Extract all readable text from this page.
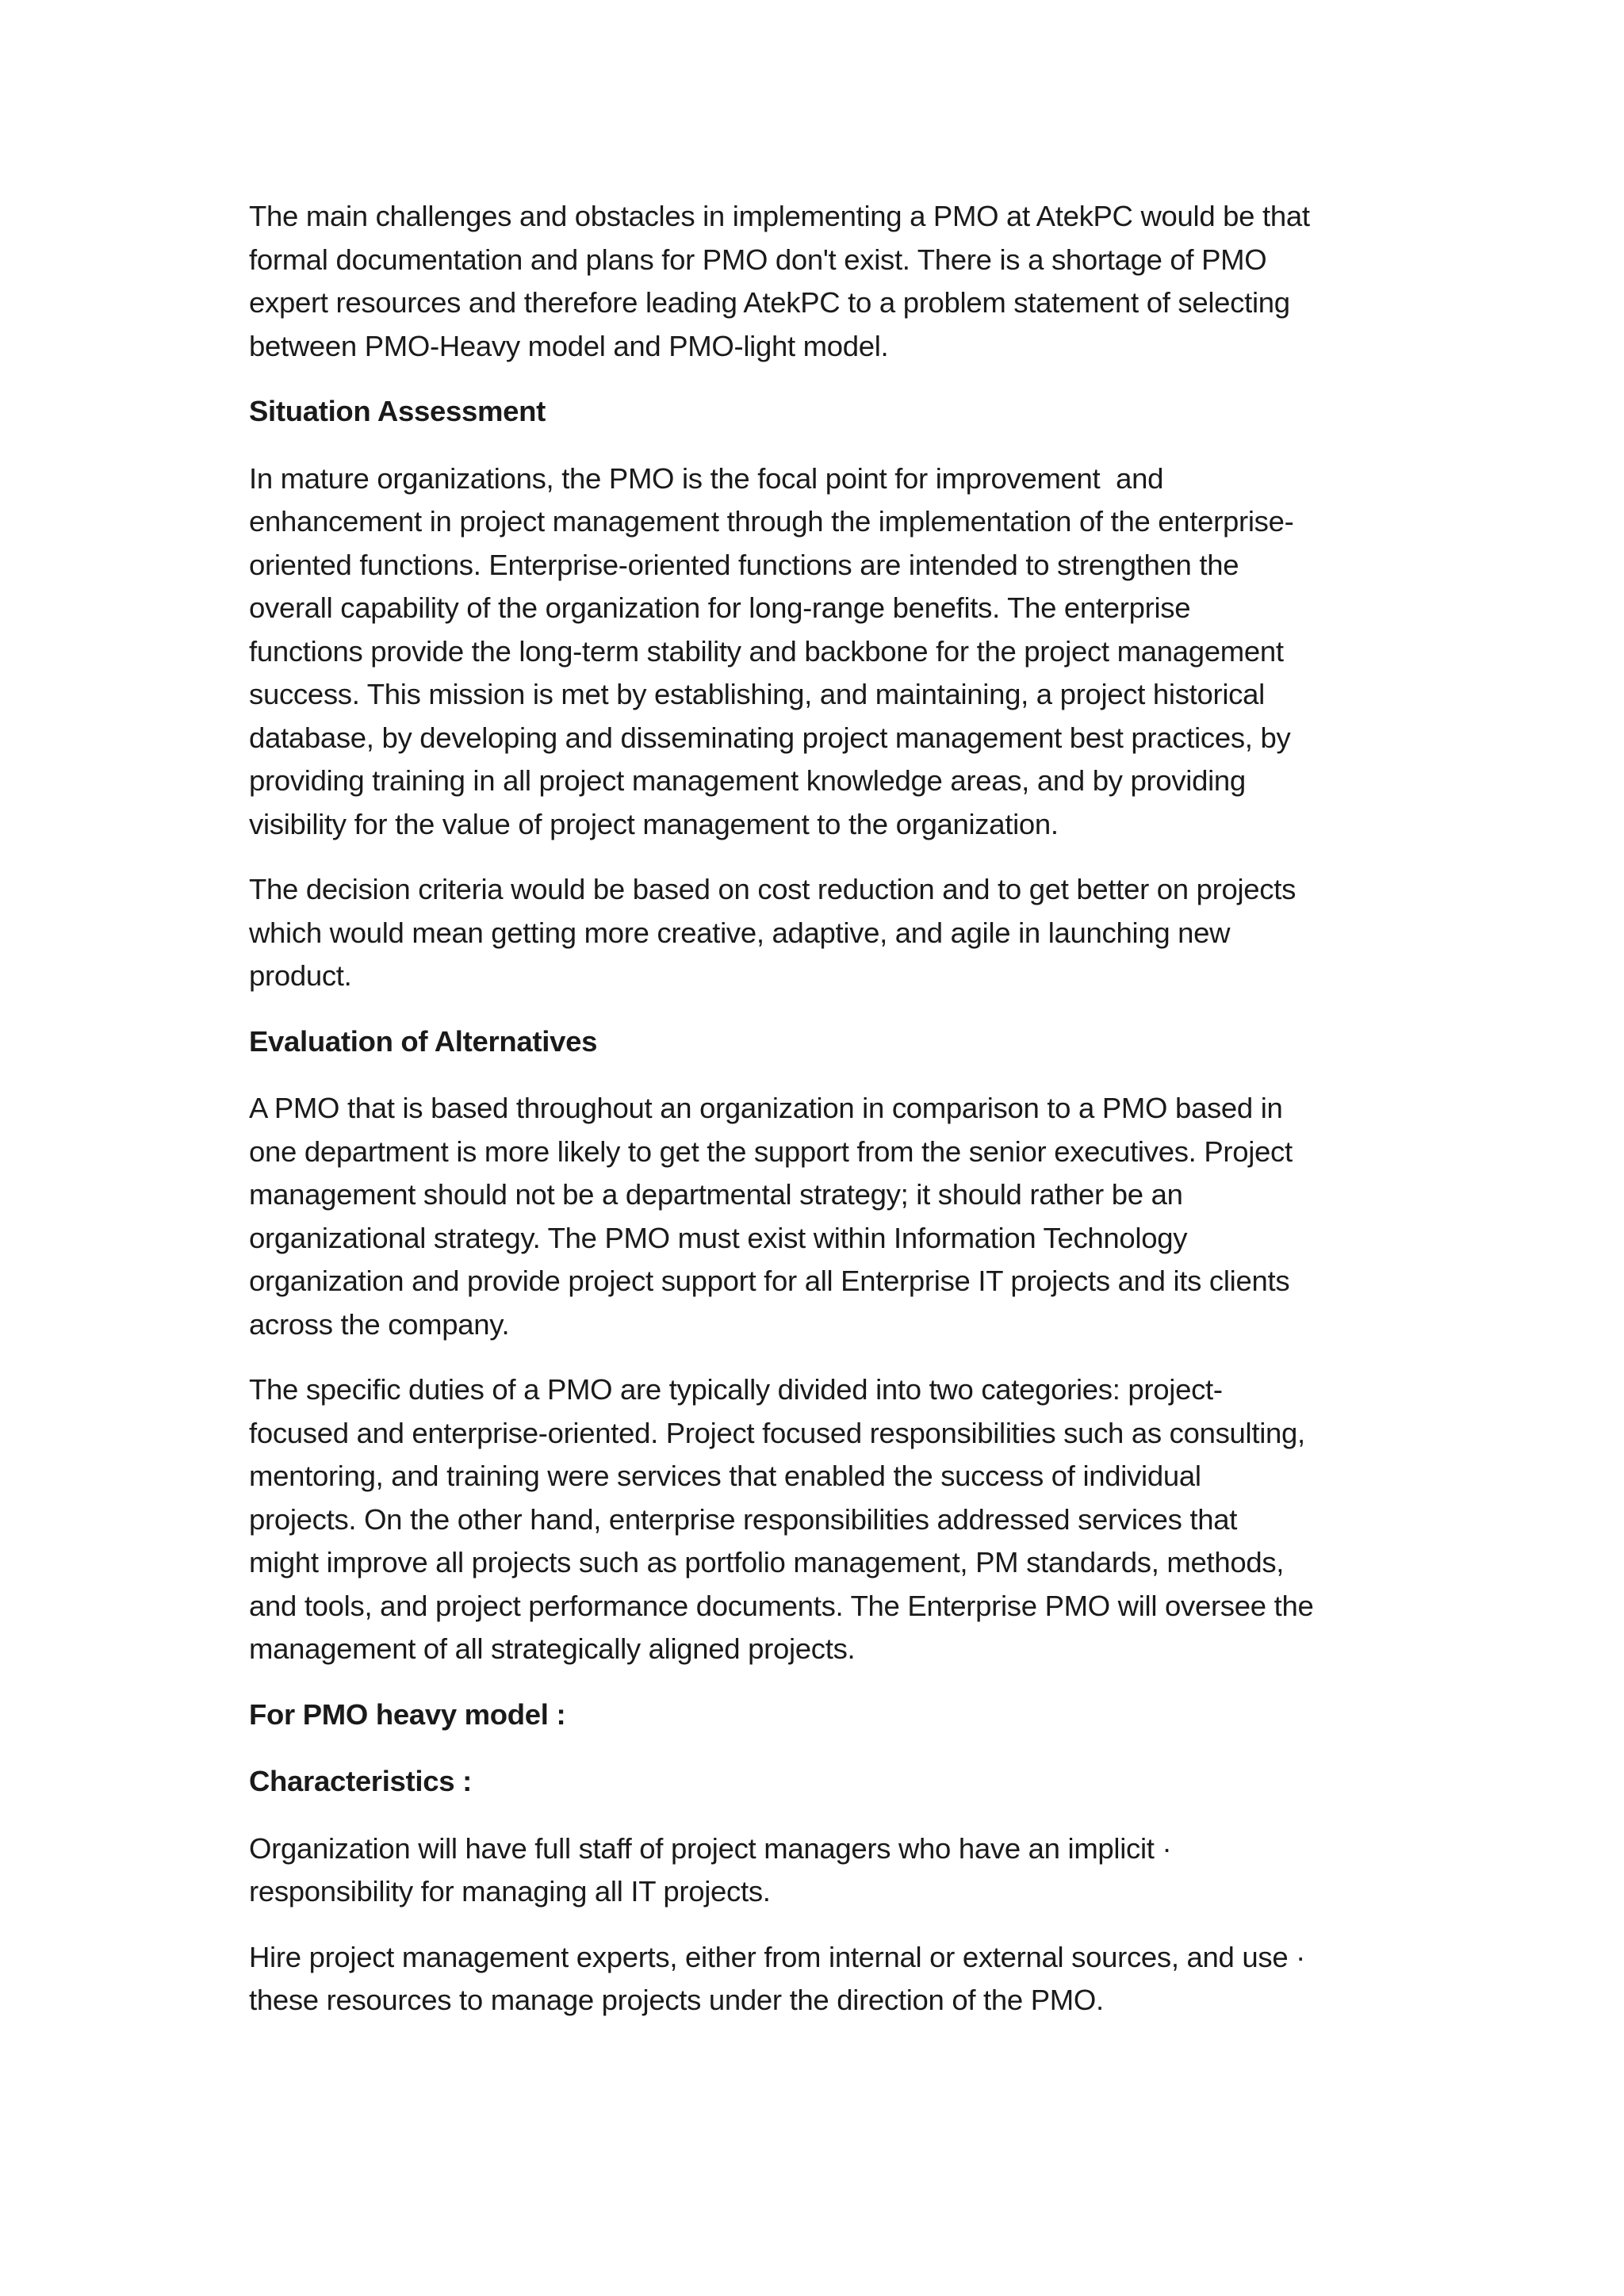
The main challenges and obstacles in implementing a PMO at AtekPC would be that
formal documentation and plans for PMO don't exist. There is a shortage of PMO
expert resources and therefore leading AtekPC to a problem statement of selecting
between PMO-Heavy model and PMO-light model.
Situation Assessment
In mature organizations, the PMO is the focal point for improvement  and
enhancement in project management through the implementation of the enterprise-
oriented functions. Enterprise-oriented functions are intended to strengthen the
overall capability of the organization for long-range benefits. The enterprise
functions provide the long-term stability and backbone for the project management
success. This mission is met by establishing, and maintaining, a project historical
database, by developing and disseminating project management best practices, by
providing training in all project management knowledge areas, and by providing
visibility for the value of project management to the organization.
The decision criteria would be based on cost reduction and to get better on projects
which would mean getting more creative, adaptive, and agile in launching new
product.
Evaluation of Alternatives
A PMO that is based throughout an organization in comparison to a PMO based in
one department is more likely to get the support from the senior executives. Project
management should not be a departmental strategy; it should rather be an
organizational strategy. The PMO must exist within Information Technology
organization and provide project support for all Enterprise IT projects and its clients
across the company.
The specific duties of a PMO are typically divided into two categories: project-
focused and enterprise-oriented. Project focused responsibilities such as consulting,
mentoring, and training were services that enabled the success of individual
projects. On the other hand, enterprise responsibilities addressed services that
might improve all projects such as portfolio management, PM standards, methods,
and tools, and project performance documents. The Enterprise PMO will oversee the
management of all strategically aligned projects.
For PMO heavy model :
Characteristics :
Organization will have full staff of project managers who have an implicit ·
responsibility for managing all IT projects.
Hire project management experts, either from internal or external sources, and use ·
these resources to manage projects under the direction of the PMO.
